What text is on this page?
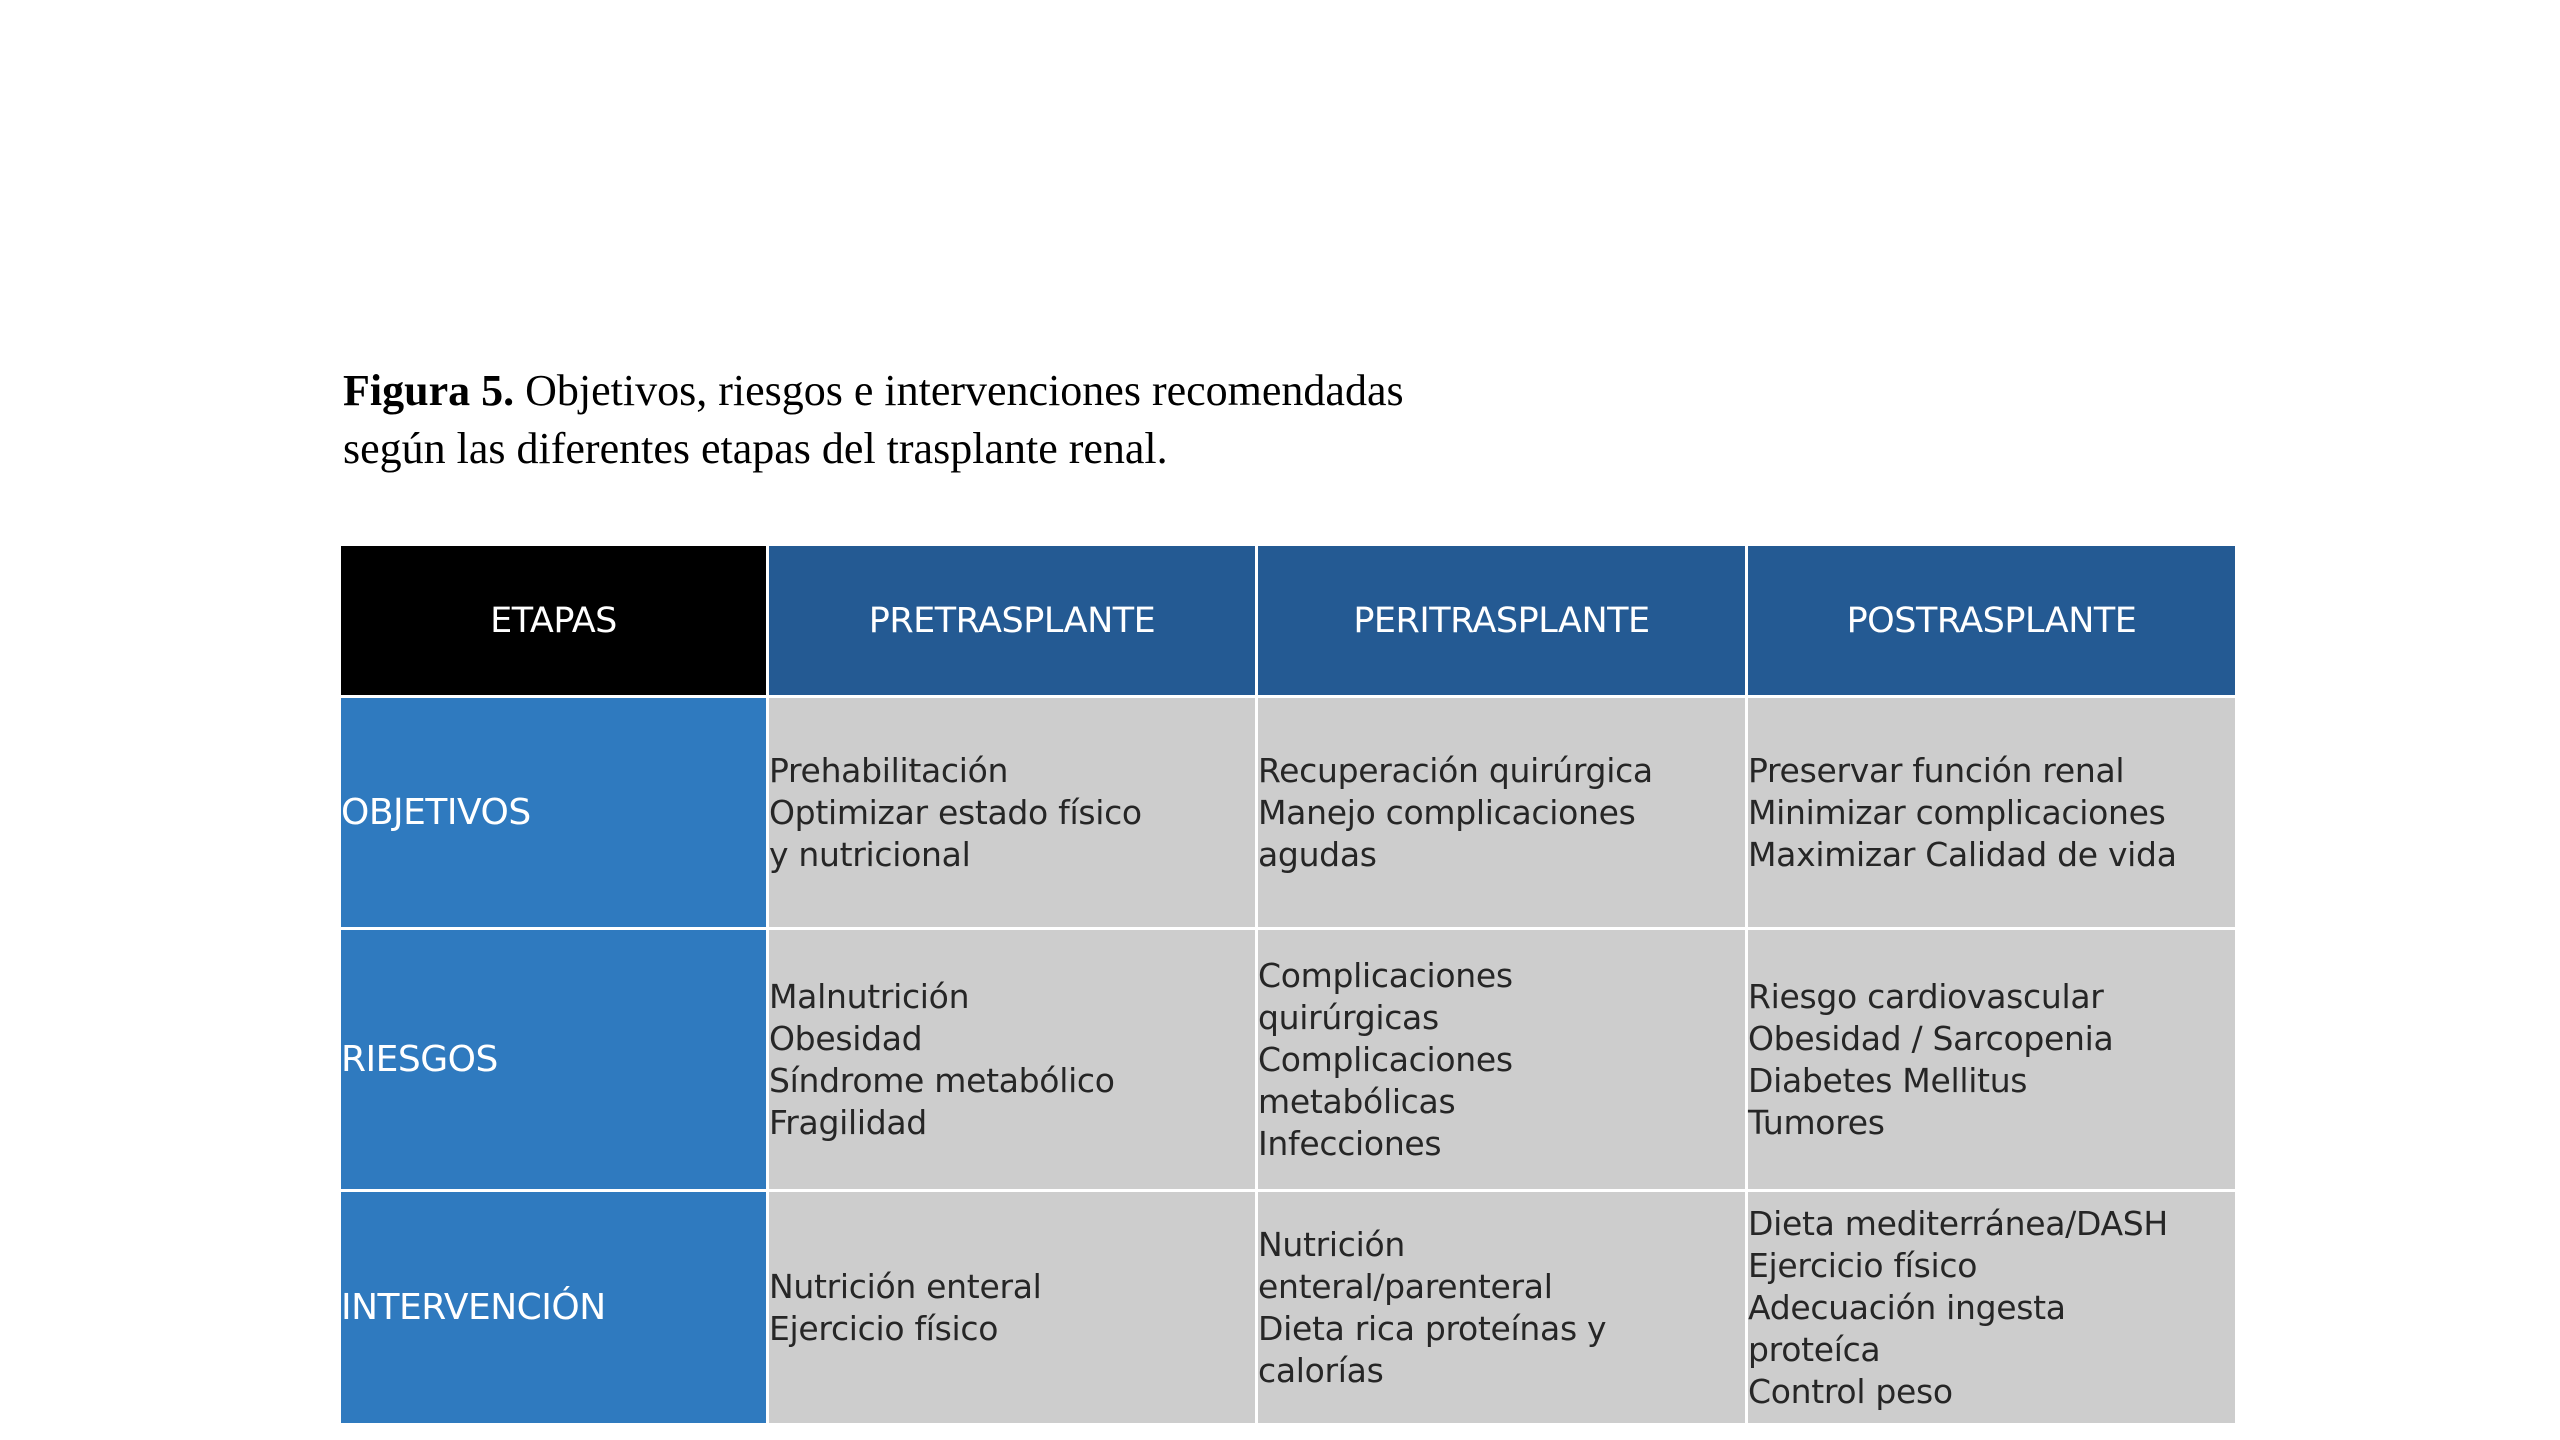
Figura 5. Objetivos, riesgos e intervenciones recomendadas
según las diferentes etapas del trasplante renal.
ETAPAS	PRETRASPLANTE	PERITRASPLANTE	POSTRASPLANTE
OBJETIVOS	Prehabilitación
Optimizar estado físico
y nutricional	Recuperación quirúrgica
Manejo complicaciones
agudas	Preservar función renal
Minimizar complicaciones
Maximizar Calidad de vida

RIESGOS	Malnutrición
Obesidad
Síndrome metabólico
Fragilidad	Complicaciones
quirúrgicas
Complicaciones
metabólicas
Infecciones	Riesgo cardiovascular
Obesidad / Sarcopenia
Diabetes Mellitus
Tumores

INTERVENCIÓN	Nutrición enteral
Ejercicio físico	Nutrición
enteral/parenteral
Dieta rica proteínas y
calorías	Dieta mediterránea/DASH
Ejercicio físico
Adecuación ingesta
proteíca
Control peso
